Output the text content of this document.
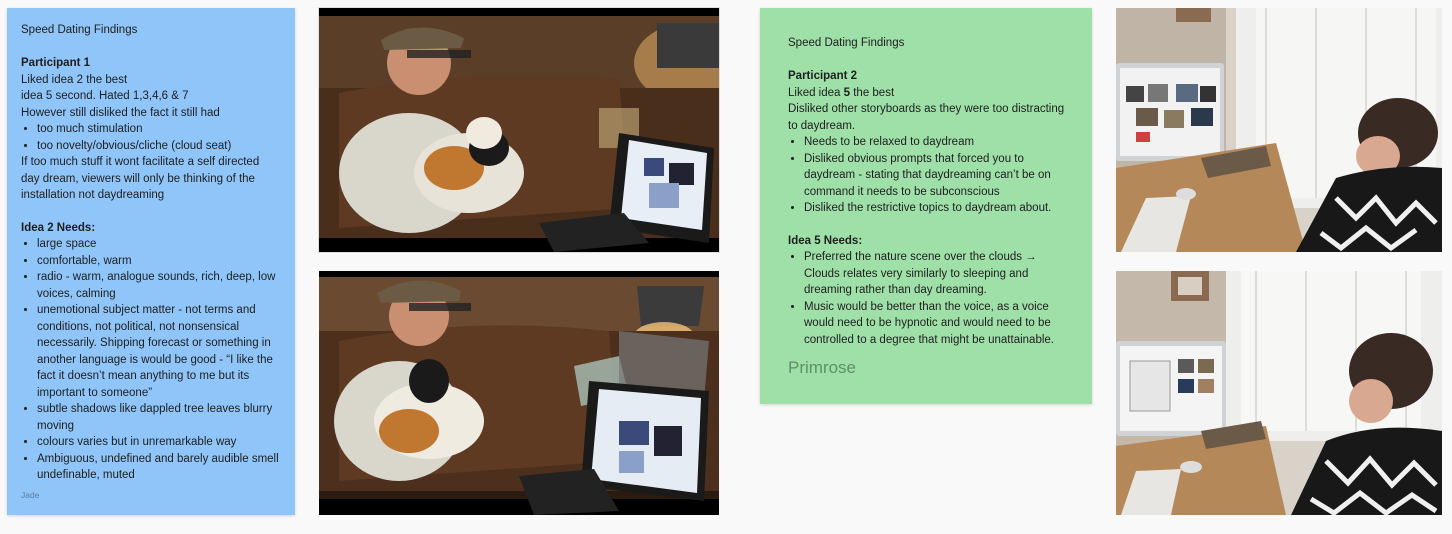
Speed Dating Findings

Participant 1

Liked idea 2 the best

idea 5 second. Hated 1,3,4,6 & 7

However still disliked the fact it still had

• too much stimulation
• too novelty/obvious/cliche (cloud seat)

If too much stuff it wont facilitate a self directed

day dream, viewers will only be thinking of the

installation not daydreaming

Idea 2 Needs:

• large space
• comfortable, warm
• radio - warm, analogue sounds, rich, deep, low voices, calming
• unemotional subject matter - not terms and conditions, not political, not nonsensical necessarily. Shipping forecast or something in another language is would be good - “I like the fact it doesn’t mean anything to me but its important to someone”
• subtle shadows like dappled tree leaves blurry moving
• colours varies but in unremarkable way
• Ambiguous, undefined and barely audible smell undefinable, muted
Jade

Speed Dating Findings

Participant 2

Liked idea 5 the best

Disliked other storyboards as they were too distracting

to daydream.

• Needs to be relaxed to daydream
• Disliked obvious prompts that forced you to daydream - stating that daydreaming can’t be on command it needs to be subconscious
• Disliked the restrictive topics to daydream about.

Idea 5 Needs:

• Preferred the nature scene over the clouds → Clouds relates very similarly to sleeping and dreaming rather than day dreaming.
• Music would be better than the voice, as a voice would need to be hypnotic and would need to be controlled to a degree that might be unattainable.
Primrose
